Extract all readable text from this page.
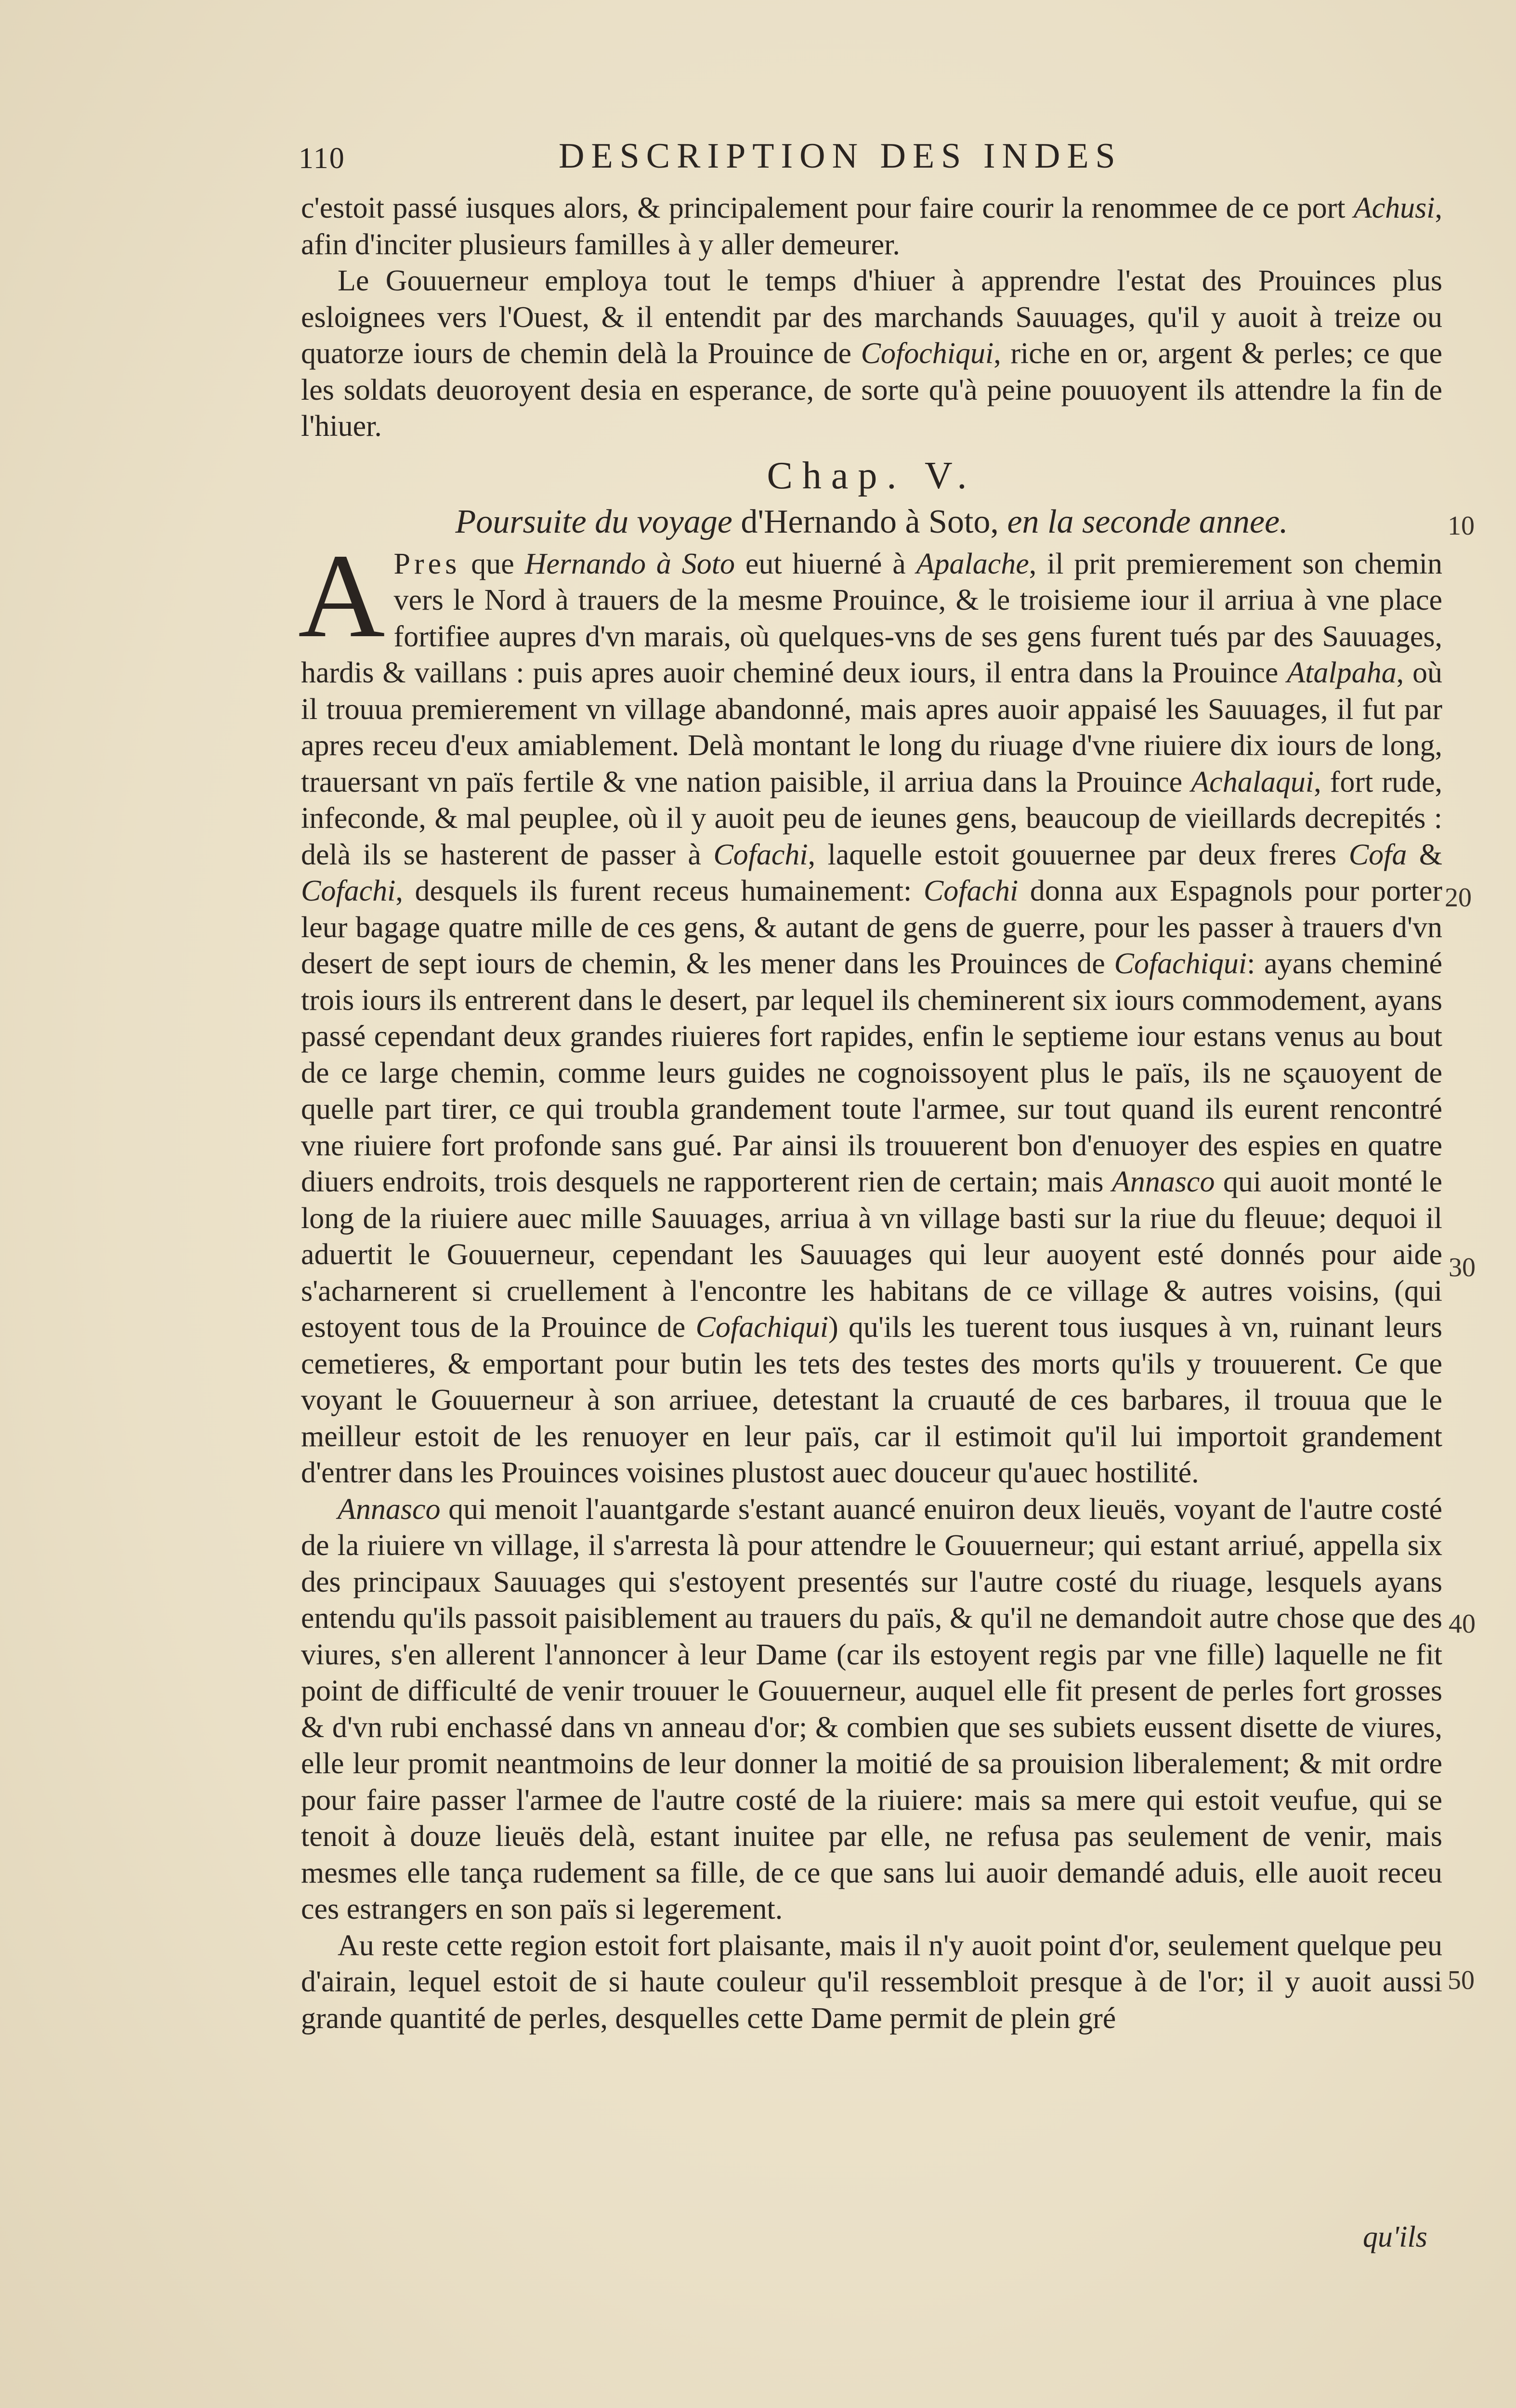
110	DESCRIPTION DES INDES

c'estoit passé iusques alors, & principalement pour faire courir la renommee de ce port Achusi, afin d'inciter plusieurs familles à y aller demeurer.

Le Gouuerneur employa tout le temps d'hiuer à apprendre l'estat des Prouinces plus esloignees vers l'Ouest, & il entendit par des marchands Sauuages, qu'il y auoit à treize ou quatorze iours de chemin delà la Prouince de Cofochiqui, riche en or, argent & perles; ce que les soldats deuoroyent desia en esperance, de sorte qu'à peine pouuoyent ils attendre la fin de l'hiuer.

Chap. V.

Poursuite du voyage d'Hernando à Soto, en la seconde annee.

A Pres que Hernando à Soto eut hiuerné à Apalache, il prit premierement son chemin vers le Nord à trauers de la mesme Prouince, & le troisieme iour il arriua à vne place fortifiee aupres d'vn marais, où quelques-vns de ses gens furent tués par des Sauuages, hardis & vaillans : puis apres auoir cheminé deux iours, il entra dans la Prouince Atalpaha, où il trouua premierement vn village abandonné, mais apres auoir appaisé les Sauuages, il fut par apres receu d'eux amiablement. Delà montant le long du riuage d'vne riuiere dix iours de long, trauersant vn païs fertile & vne nation paisible, il arriua dans la Prouince Achalaqui, fort rude, infeconde, & mal peuplee, où il y auoit peu de ieunes gens, beaucoup de vieillards decrepités : delà ils se hasterent de passer à Cofachi, laquelle estoit gouuernee par deux freres Cofa & Cofachi, desquels ils furent receus humainement: Cofachi donna aux Espagnols pour porter leur bagage quatre mille de ces gens, & autant de gens de guerre, pour les passer à trauers d'vn desert de sept iours de chemin, & les mener dans les Prouinces de Cofachiqui: ayans cheminé trois iours ils entrerent dans le desert, par lequel ils cheminerent six iours commodement, ayans passé cependant deux grandes riuieres fort rapides, enfin le septieme iour estans venus au bout de ce large chemin, comme leurs guides ne cognoissoyent plus le païs, ils ne sçauoyent de quelle part tirer, ce qui troubla grandement toute l'armee, sur tout quand ils eurent rencontré vne riuiere fort profonde sans gué. Par ainsi ils trouuerent bon d'enuoyer des espies en quatre diuers endroits, trois desquels ne rapporterent rien de certain; mais Annasco qui auoit monté le long de la riuiere auec mille Sauuages, arriua à vn village basti sur la riue du fleuue; dequoi il aduertit le Gouuerneur, cependant les Sauuages qui leur auoyent esté donnés pour aide s'acharnerent si cruellement à l'encontre les habitans de ce village & autres voisins, (qui estoyent tous de la Prouince de Cofachiqui) qu'ils les tuerent tous iusques à vn, ruinant leurs cemetieres, & emportant pour butin les tets des testes des morts qu'ils y trouuerent. Ce que voyant le Gouuerneur à son arriuee, detestant la cruauté de ces barbares, il trouua que le meilleur estoit de les renuoyer en leur païs, car il estimoit qu'il lui importoit grandement d'entrer dans les Prouinces voisines plustost auec douceur qu'auec hostilité.

Annasco qui menoit l'auantgarde s'estant auancé enuiron deux lieuës, voyant de l'autre costé de la riuiere vn village, il s'arresta là pour attendre le Gouuerneur; qui estant arriué, appella six des principaux Sauuages qui s'estoyent presentés sur l'autre costé du riuage, lesquels ayans entendu qu'ils passoit paisiblement au trauers du païs, & qu'il ne demandoit autre chose que des viures, s'en allerent l'annoncer à leur Dame (car ils estoyent regis par vne fille) laquelle ne fit point de difficulté de venir trouuer le Gouuerneur, auquel elle fit present de perles fort grosses & d'vn rubi enchassé dans vn anneau d'or; & combien que ses subiets eussent disette de viures, elle leur promit neantmoins de leur donner la moitié de sa prouision liberalement; & mit ordre pour faire passer l'armee de l'autre costé de la riuiere: mais sa mere qui estoit veufue, qui se tenoit à douze lieuës delà, estant inuitee par elle, ne refusa pas seulement de venir, mais mesmes elle tança rudement sa fille, de ce que sans lui auoir demandé aduis, elle auoit receu ces estrangers en son païs si legerement.

Au reste cette region estoit fort plaisante, mais il n'y auoit point d'or, seulement quelque peu d'airain, lequel estoit de si haute couleur qu'il ressembloit presque à de l'or; il y auoit aussi grande quantité de perles, desquelles cette Dame permit de plein gré

10
20
30
40
50
qu'ils
